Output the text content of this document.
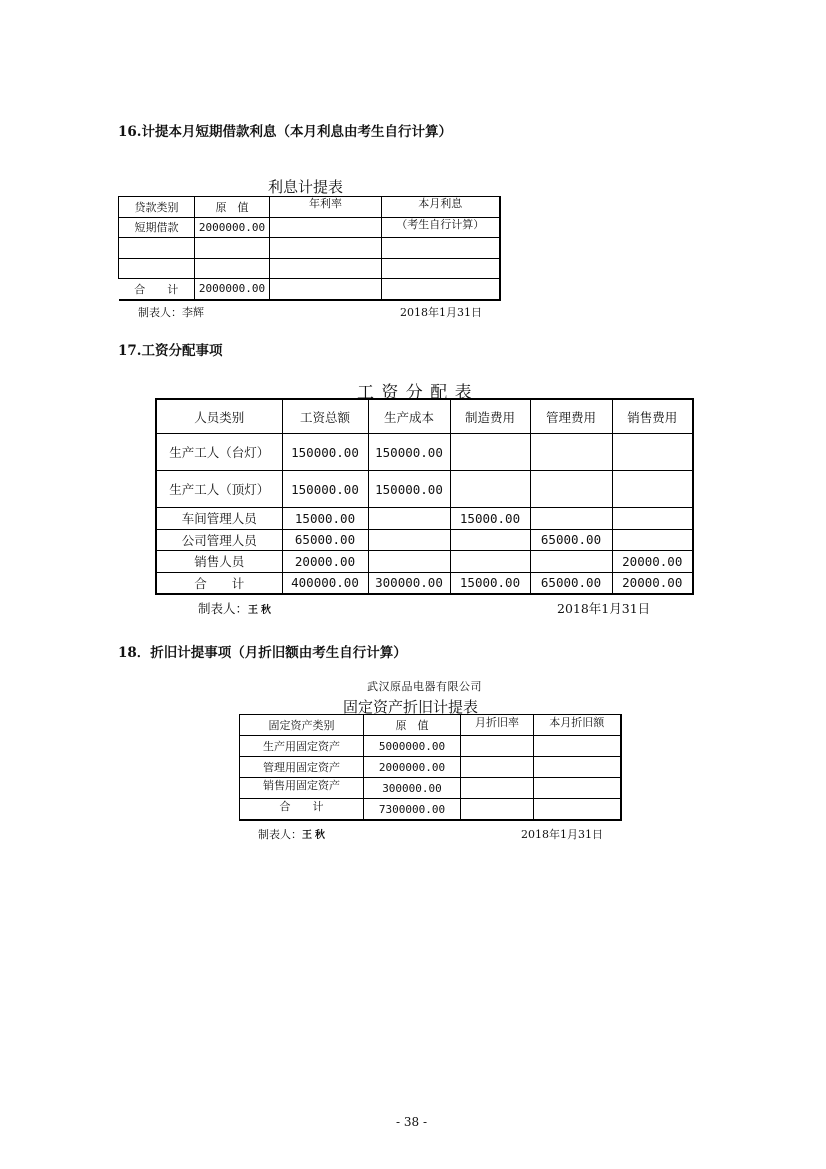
16.计提本月短期借款利息（本月利息由考生自行计算）
利息计提表
贷款类别	原　值	年利率	本月利息
短期借款	2000000.00		（考生自行计算）

合　　计	2000000.00		
制表人：李辉	2018年1月31日
17.工资分配事项
工 资 分 配 表
人员类别	工资总额	生产成本	制造费用	管理费用	销售费用
生产工人（台灯）	150000.00	150000.00			
生产工人（顶灯）	150000.00	150000.00			
车间管理人员	15000.00		15000.00		
公司管理人员	65000.00			65000.00	
销售人员	20000.00				20000.00
合　　计	400000.00	300000.00	15000.00	65000.00	20000.00
制表人：王秋	2018年1月31日
18．折旧计提事项（月折旧额由考生自行计算）
武汉原品电器有限公司
固定资产折旧计提表
固定资产类别	原　值	月折旧率	本月折旧额
生产用固定资产	5000000.00		
管理用固定资产	2000000.00		
销售用固定资产	300000.00		
合　　计	7300000.00		
制表人：王秋	2018年1月31日
- 38 -
